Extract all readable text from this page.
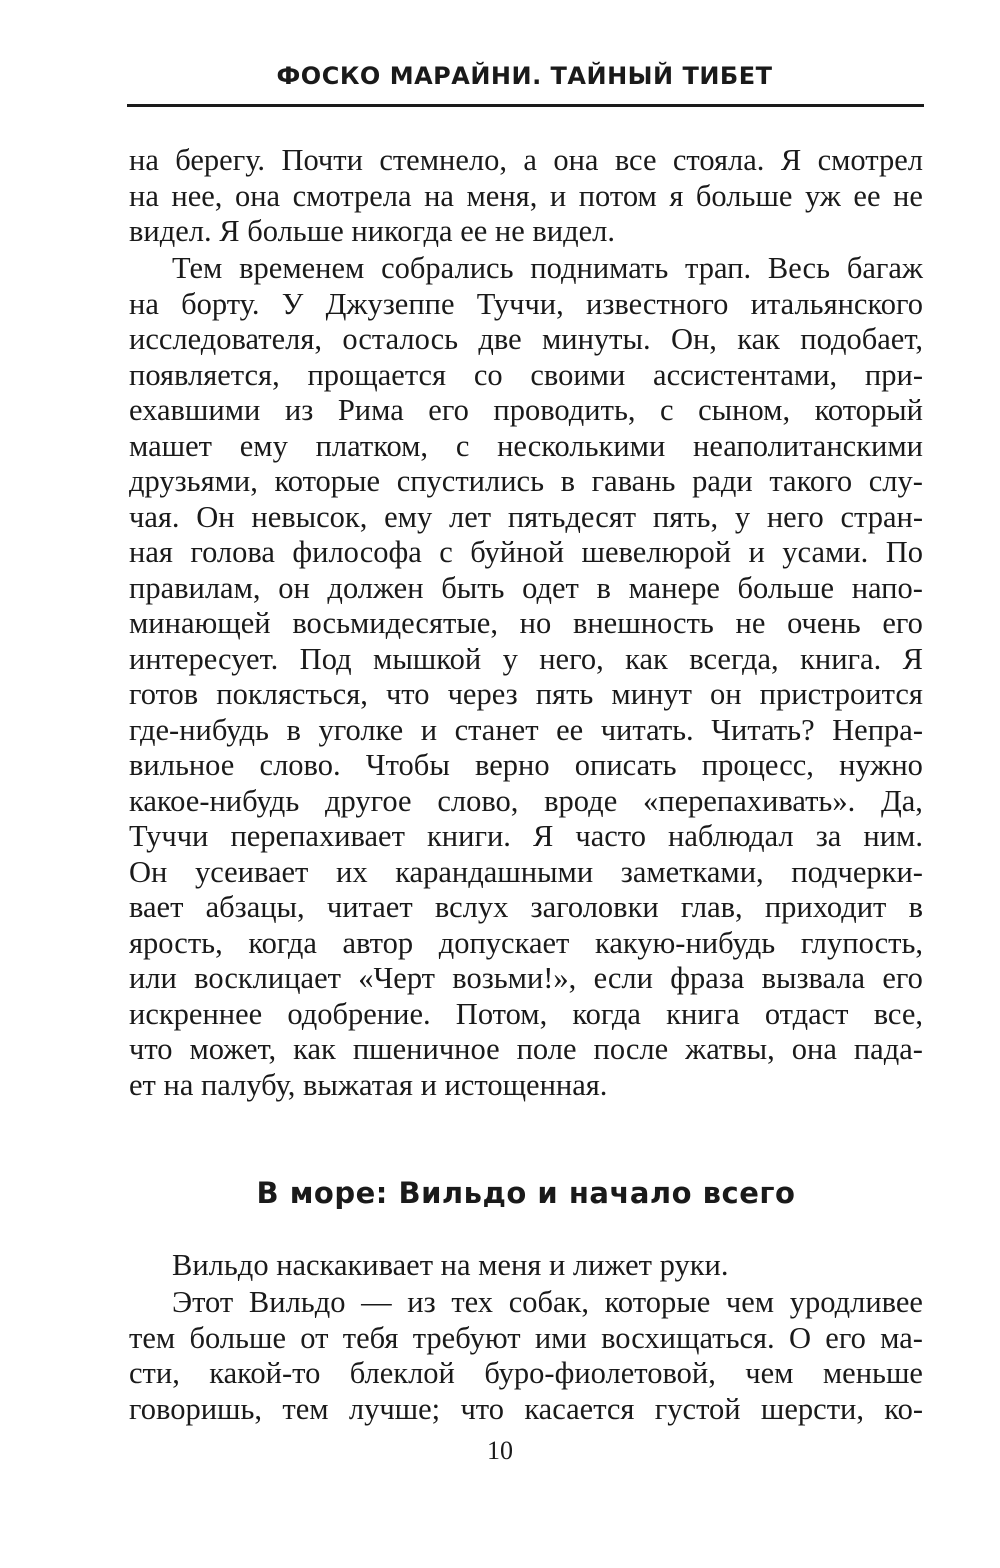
ФОСКО МАРАЙНИ. ТАЙНЫЙ ТИБЕТ
на берегу. Почти стемнело, а она все стояла. Я смотрел
на нее, она смотрела на меня, и потом я больше уж ее не
видел. Я больше никогда ее не видел.
Тем временем собрались поднимать трап. Весь багаж
на борту. У Джузеппе Туччи, известного итальянского
исследователя, осталось две минуты. Он, как подобает,
появляется, прощается со своими ассистентами, при-
ехавшими из Рима его проводить, с сыном, который
машет ему платком, с несколькими неаполитанскими
друзьями, которые спустились в гавань ради такого слу-
чая. Он невысок, ему лет пятьдесят пять, у него стран-
ная голова философа с буйной шевелюрой и усами. По
правилам, он должен быть одет в манере больше напо-
минающей восьмидесятые, но внешность не очень его
интересует. Под мышкой у него, как всегда, книга. Я
готов поклясться, что через пять минут он пристроится
где-нибудь в уголке и станет ее читать. Читать? Непра-
вильное слово. Чтобы верно описать процесс, нужно
какое-нибудь другое слово, вроде «перепахивать». Да,
Туччи перепахивает книги. Я часто наблюдал за ним.
Он усеивает их карандашными заметками, подчерки-
вает абзацы, читает вслух заголовки глав, приходит в
ярость, когда автор допускает какую-нибудь глупость,
или восклицает «Черт возьми!», если фраза вызвала его
искреннее одобрение. Потом, когда книга отдаст все,
что может, как пшеничное поле после жатвы, она пада-
ет на палубу, выжатая и истощенная.
В море: Вильдо и начало всего
Вильдо наскакивает на меня и лижет руки.
Этот Вильдо — из тех собак, которые чем уродливее
тем больше от тебя требуют ими восхищаться. О его ма-
сти, какой-то блеклой буро-фиолетовой, чем меньше
говоришь, тем лучше; что касается густой шерсти, ко-
10
